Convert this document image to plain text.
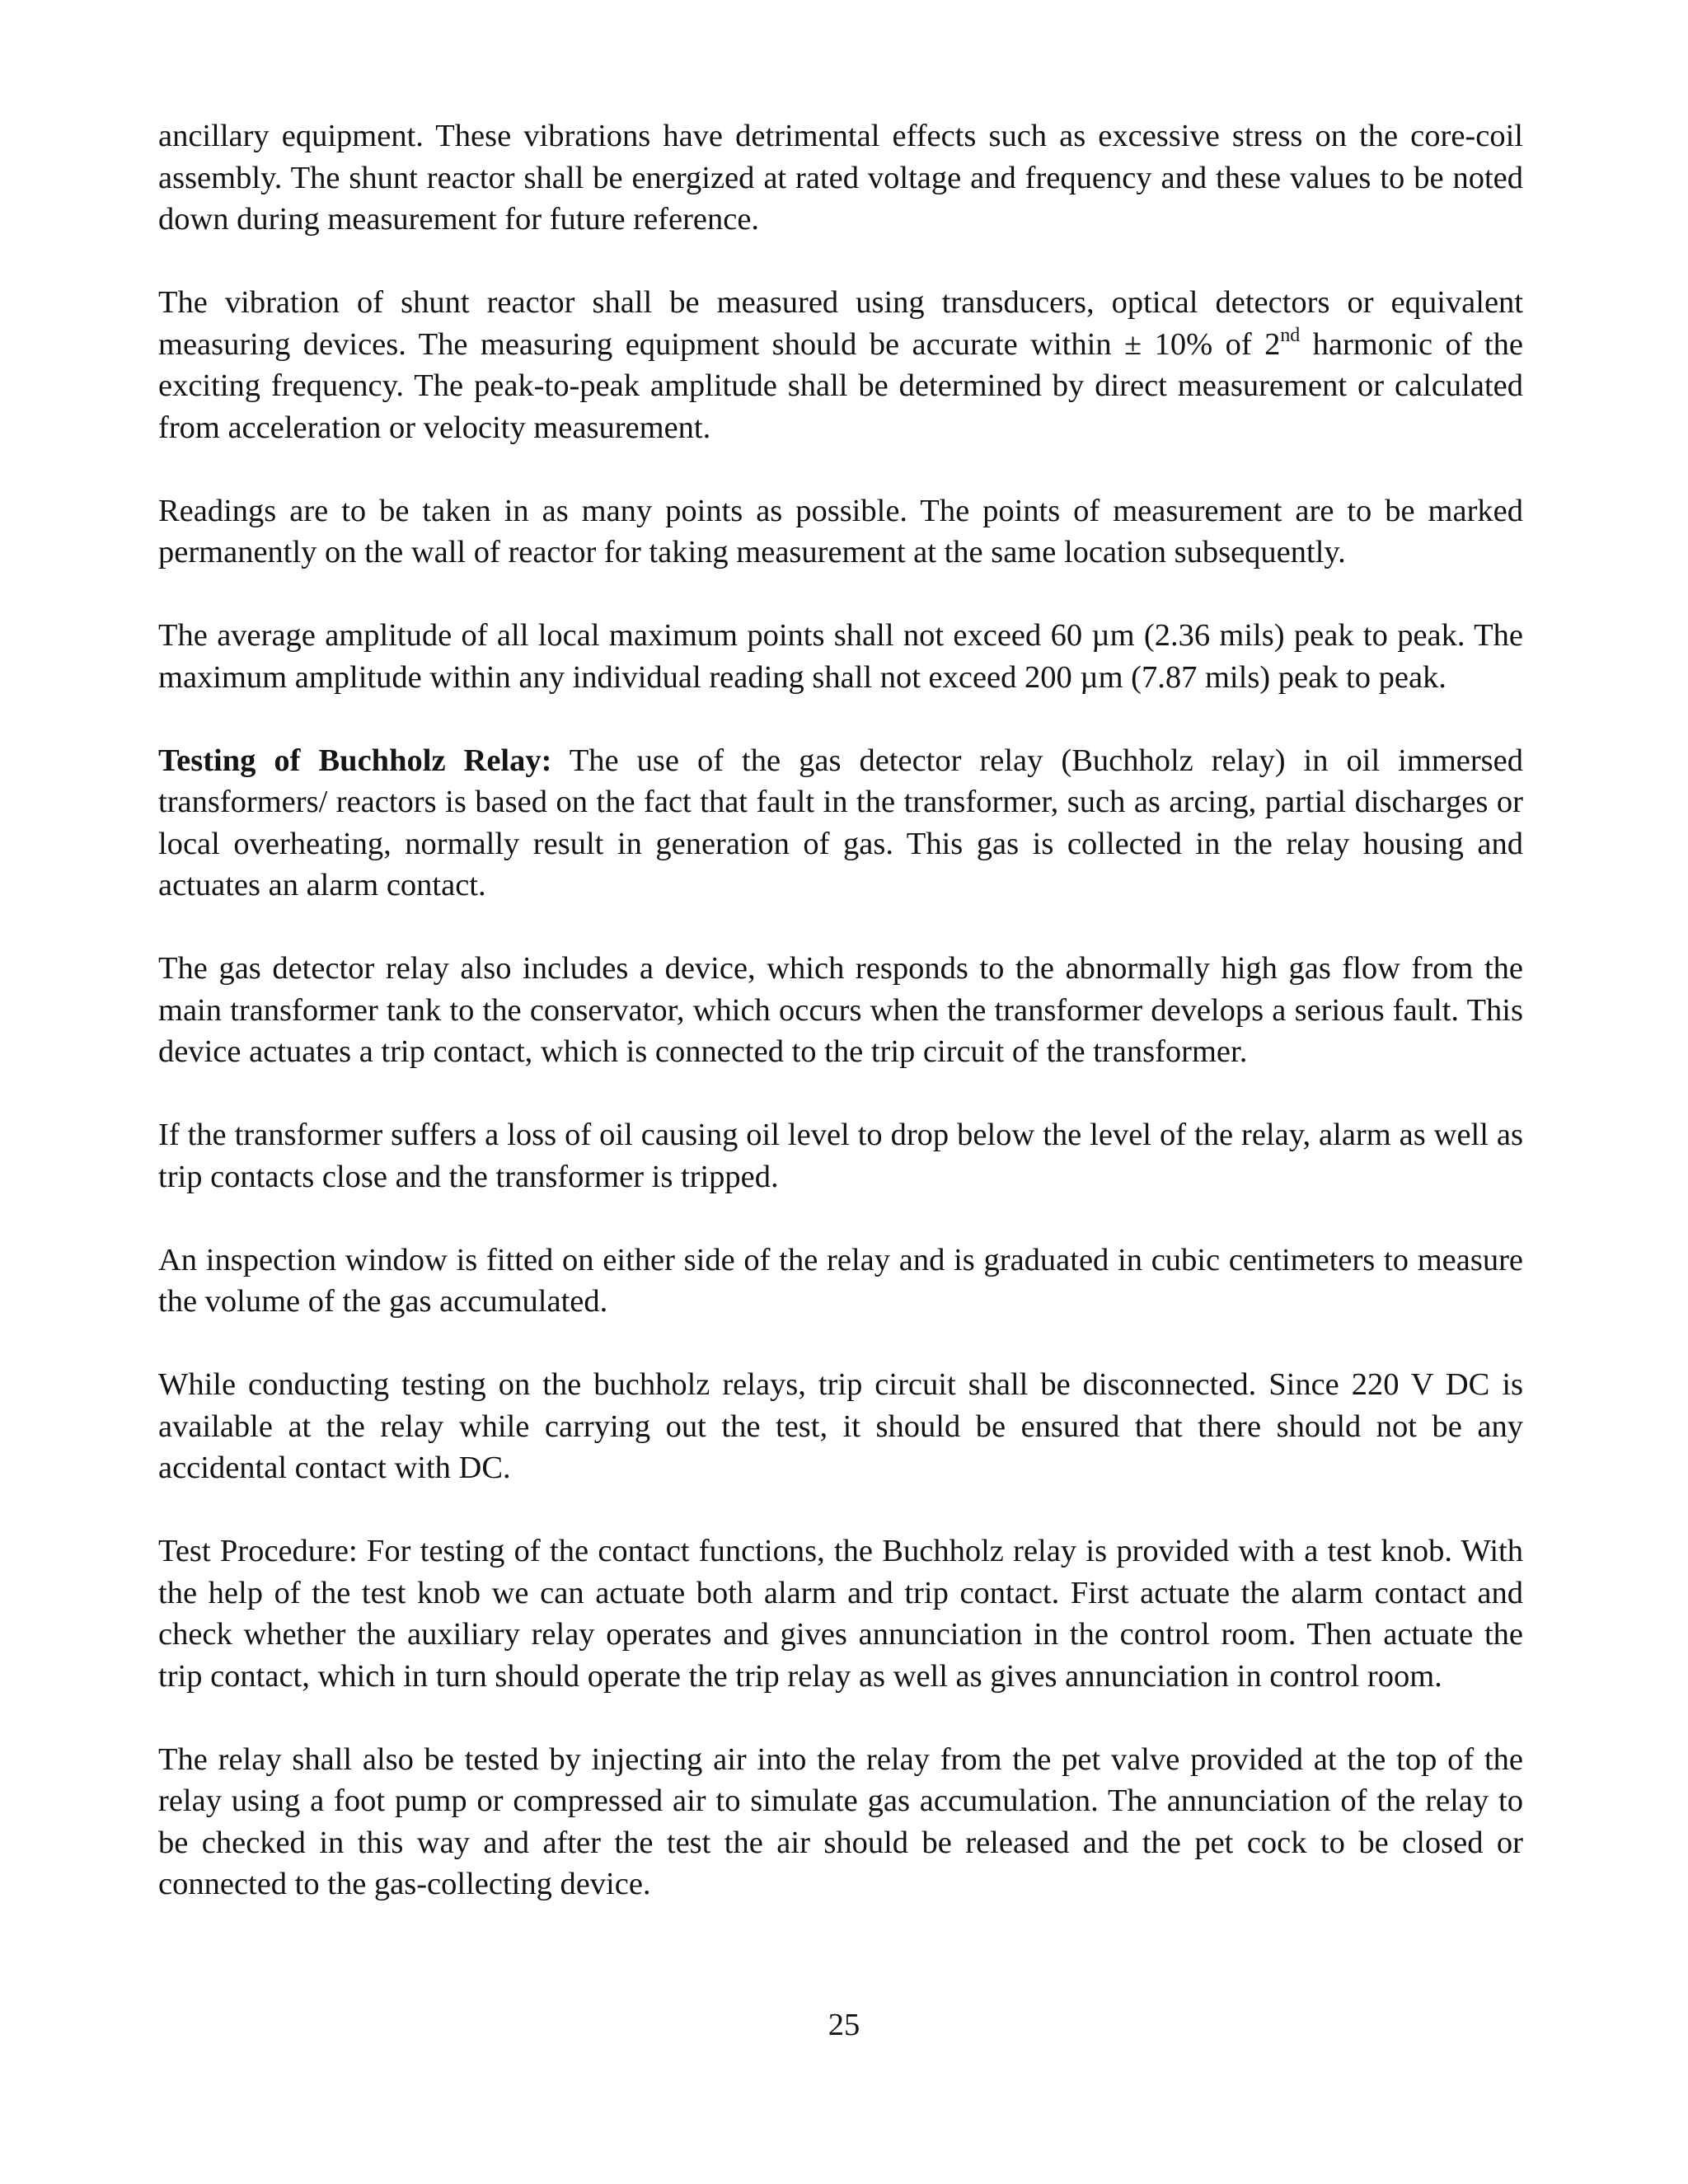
ancillary equipment. These vibrations have detrimental effects such as excessive stress on the core-coil assembly. The shunt reactor shall be energized at rated voltage and frequency and these values to be noted down during measurement for future reference.

The vibration of shunt reactor shall be measured using transducers, optical detectors or equivalent measuring devices. The measuring equipment should be accurate within ± 10% of 2nd harmonic of the exciting frequency. The peak-to-peak amplitude shall be determined by direct measurement or calculated from acceleration or velocity measurement.

Readings are to be taken in as many points as possible. The points of measurement are to be marked permanently on the wall of reactor for taking measurement at the same location subsequently.

The average amplitude of all local maximum points shall not exceed 60 µm (2.36 mils) peak to peak. The maximum amplitude within any individual reading shall not exceed 200 µm (7.87 mils) peak to peak.

Testing of Buchholz Relay: The use of the gas detector relay (Buchholz relay) in oil immersed transformers/ reactors is based on the fact that fault in the transformer, such as arcing, partial discharges or local overheating, normally result in generation of gas. This gas is collected in the relay housing and actuates an alarm contact.

The gas detector relay also includes a device, which responds to the abnormally high gas flow from the main transformer tank to the conservator, which occurs when the transformer develops a serious fault. This device actuates a trip contact, which is connected to the trip circuit of the transformer.

If the transformer suffers a loss of oil causing oil level to drop below the level of the relay, alarm as well as trip contacts close and the transformer is tripped.

An inspection window is fitted on either side of the relay and is graduated in cubic centimeters to measure the volume of the gas accumulated.

While conducting testing on the buchholz relays, trip circuit shall be disconnected. Since 220 V DC is available at the relay while carrying out the test, it should be ensured that there should not be any accidental contact with DC.

Test Procedure: For testing of the contact functions, the Buchholz relay is provided with a test knob. With the help of the test knob we can actuate both alarm and trip contact. First actuate the alarm contact and check whether the auxiliary relay operates and gives annunciation in the control room. Then actuate the trip contact, which in turn should operate the trip relay as well as gives annunciation in control room.

The relay shall also be tested by injecting air into the relay from the pet valve provided at the top of the relay using a foot pump or compressed air to simulate gas accumulation. The annunciation of the relay to be checked in this way and after the test the air should be released and the pet cock to be closed or connected to the gas-collecting device.

25
